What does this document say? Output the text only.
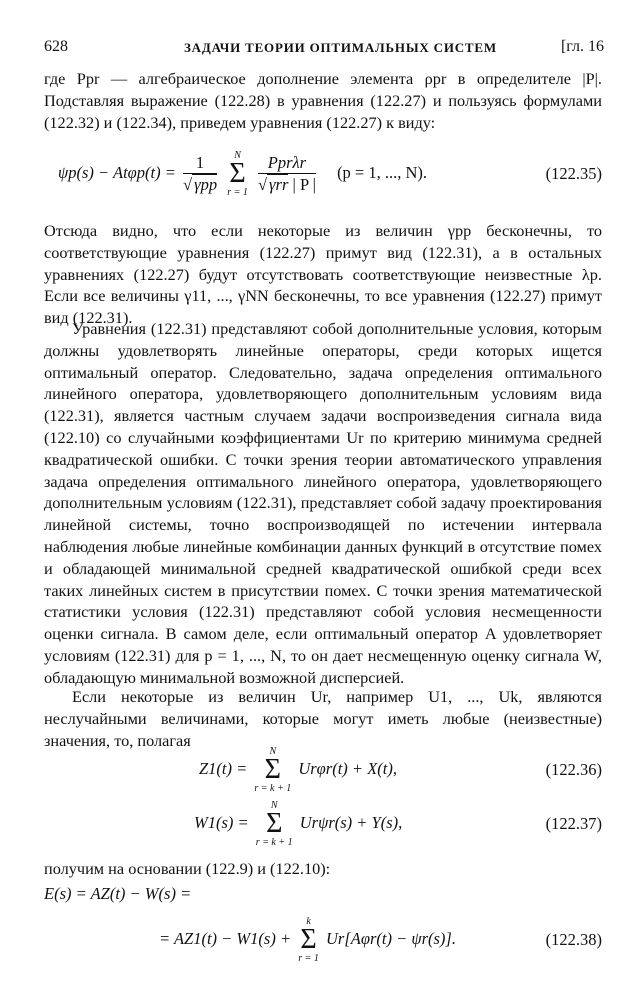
628	ЗАДАЧИ ТЕОРИИ ОПТИМАЛЬНЫХ СИСТЕМ	[гл. 16
где Ppr — алгебраическое дополнение элемента ρpr в определителе |P|. Подставляя выражение (122.28) в уравнения (122.27) и пользуясь формулами (122.32) и (122.34), приведем уравнения (122.27) к виду:
$\psi p(s) - At\varphi p(t) = \frac{1}{\text{√ γpp}}$
	N
Σ
r = 1
$\frac{\text{Pprλr}}{\text{√ γrr | P |}} (p = 1$, ..., N).	(122.35)
Отсюда видно, что если некоторые из величин γpp бесконечны, то соответствующие уравнения (122.27) примут вид (122.31), а в остальных уравнениях (122.27) будут отсутствовать соответствующие неизвестные λp. Если все величины γ11, ..., γNN бесконечны, то все уравнения (122.27) примут вид (122.31).
Уравнения (122.31) представляют собой дополнительные условия, которым должны удовлетворять линейные операторы, среди которых ищется оптимальный оператор. Следовательно, задача определения оптимального линейного оператора, удовлетворяющего дополнительным условиям вида (122.31), является частным случаем задачи воспроизведения сигнала вида (122.10) со случайными коэффициентами Ur по критерию минимума средней квадратической ошибки. С точки зрения теории автоматического управления задача определения оптимального линейного оператора, удовлетворяющего дополнительным условиям (122.31), представляет собой задачу проектирования линейной системы, точно воспроизводящей по истечении интервала наблюдения любые линейные комбинации данных функций в отсутствие помех и обладающей минимальной средней квадратической ошибкой среди всех таких линейных систем в присутствии помех. С точки зрения математической статистики условия (122.31) представляют собой условия несмещенности оценки сигнала. В самом деле, если оптимальный оператор A удовлетворяет условиям (122.31) для p = 1, ..., N, то он дает несмещенную оценку сигнала W, обладающую минимальной возможной дисперсией.
Если некоторые из величин Ur, например U1, ..., Uk, являются неслучайными величинами, которые могут иметь любые (неизвестные) значения, то, полагая
Z1(t) =
N
Σ
r = k + 1
Urφr(t) + X(t),	(122.36)
W1(s) =
N
Σ
r = k + 1
Urψr(s) + Y(s),	(122.37)
получим на основании (122.9) и (122.10):
E(s) = AZ(t) − W(s) =
= AZ1(t) − W1(s) +
k
Σ
r = 1
Ur[Aφr(t) − ψr(s)].	(122.38)
